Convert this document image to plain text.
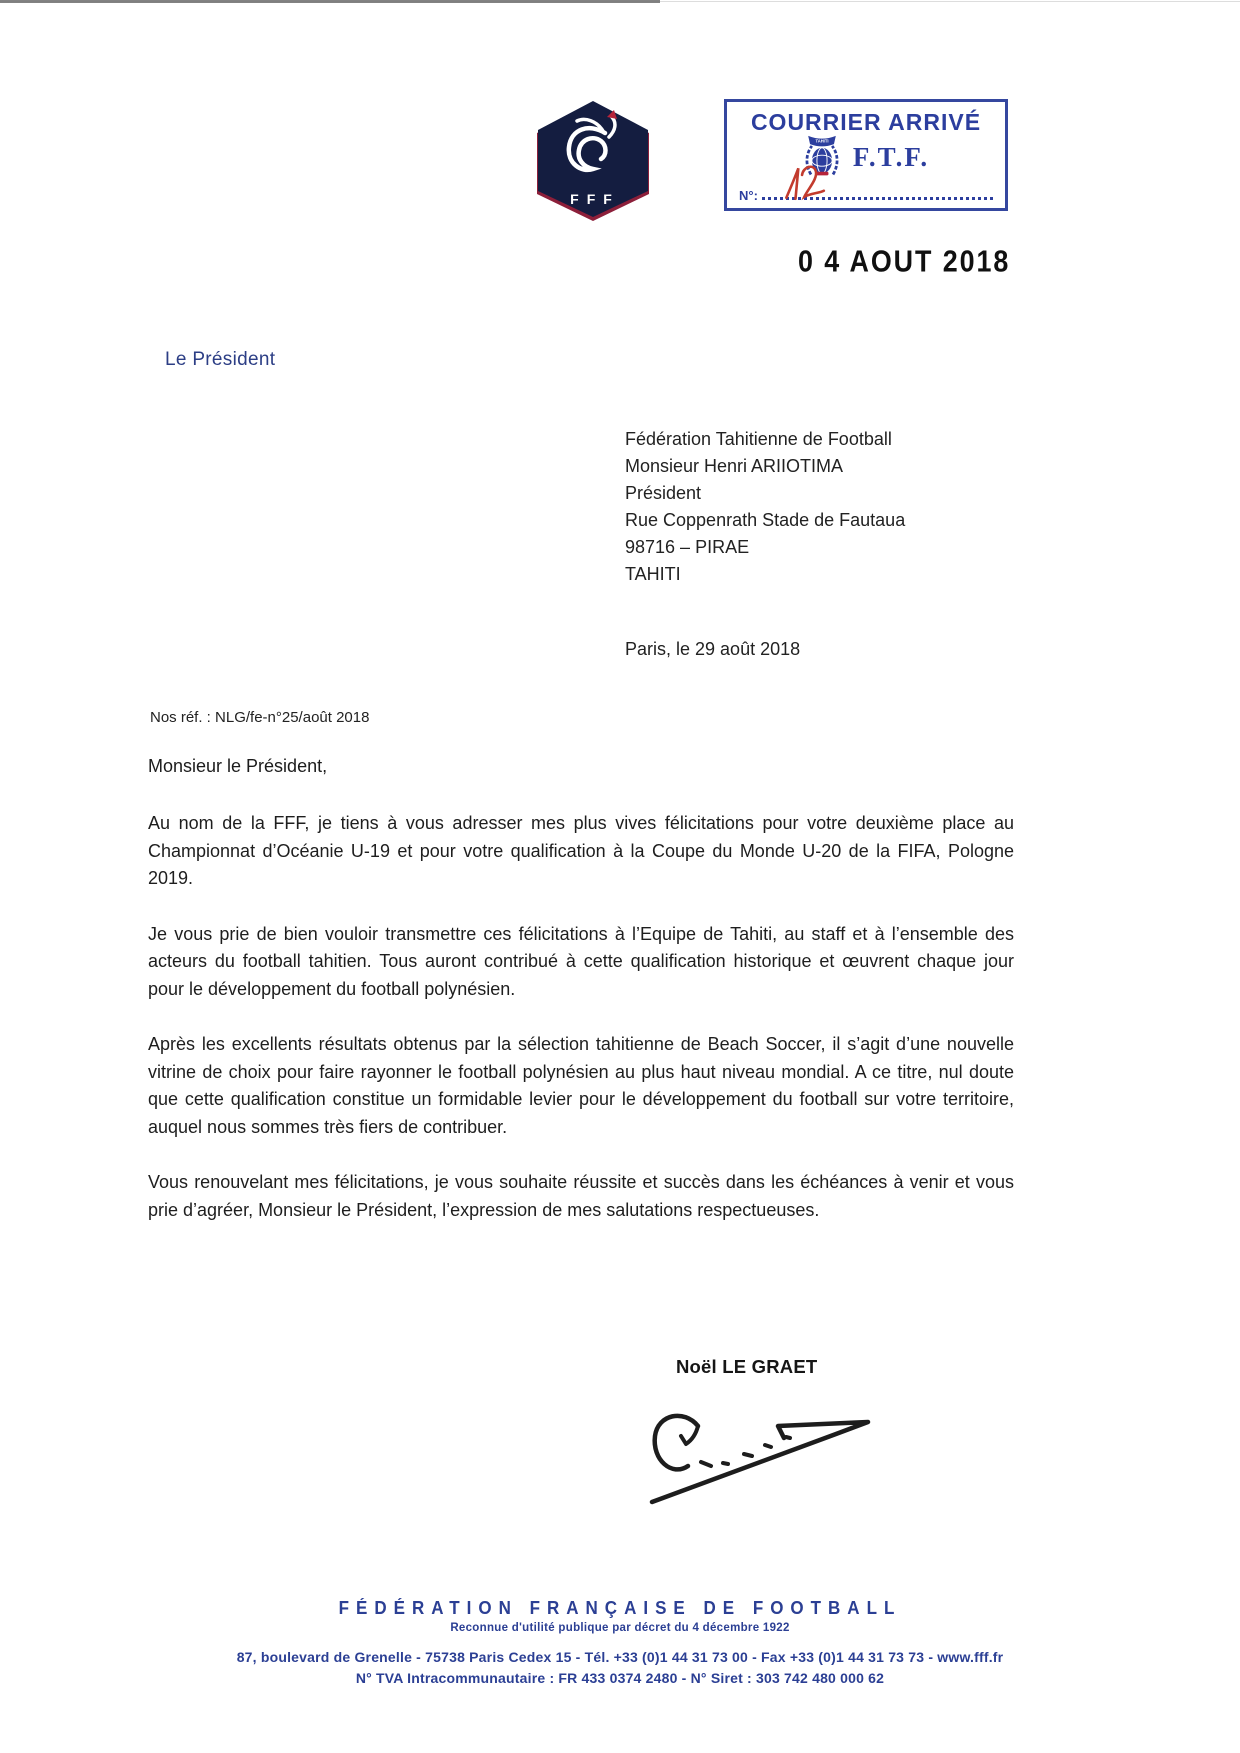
FFF
COURRIER ARRIVÉ
TAHITI
F.T.F.
N°:
0 4 AOUT 2018
Le Président
Fédération Tahitienne de Football
Monsieur Henri ARIIOTIMA
Président
Rue Coppenrath Stade de Fautaua
98716 – PIRAE
TAHITI
Paris, le 29 août 2018
Nos réf. : NLG/fe-n°25/août 2018
Monsieur le Président,

Au nom de la FFF, je tiens à vous adresser mes plus vives félicitations pour votre deuxième place au Championnat d’Océanie U-19 et pour votre qualification à la Coupe du Monde U-20 de la FIFA, Pologne 2019.

Je vous prie de bien vouloir transmettre ces félicitations à l’Equipe de Tahiti, au staff et à l’ensemble des acteurs du football tahitien. Tous auront contribué à cette qualification historique et œuvrent chaque jour pour le développement du football polynésien.

Après les excellents résultats obtenus par la sélection tahitienne de Beach Soccer, il s’agit d’une nouvelle vitrine de choix pour faire rayonner le football polynésien au plus haut niveau mondial. A ce titre, nul doute que cette qualification constitue un formidable levier pour le développement du football sur votre territoire, auquel nous sommes très fiers de contribuer.

Vous renouvelant mes félicitations, je vous souhaite réussite et succès dans les échéances à venir et vous prie d’agréer, Monsieur le Président, l’expression de mes salutations respectueuses.

Noël LE GRAET
FÉDÉRATION FRANÇAISE DE FOOTBALL
Reconnue d'utilité publique par décret du 4 décembre 1922
87, boulevard de Grenelle - 75738 Paris Cedex 15 - Tél. +33 (0)1 44 31 73 00 - Fax +33 (0)1 44 31 73 73 - www.fff.fr
N° TVA Intracommunautaire : FR 433 0374 2480 - N° Siret : 303 742 480 000 62
